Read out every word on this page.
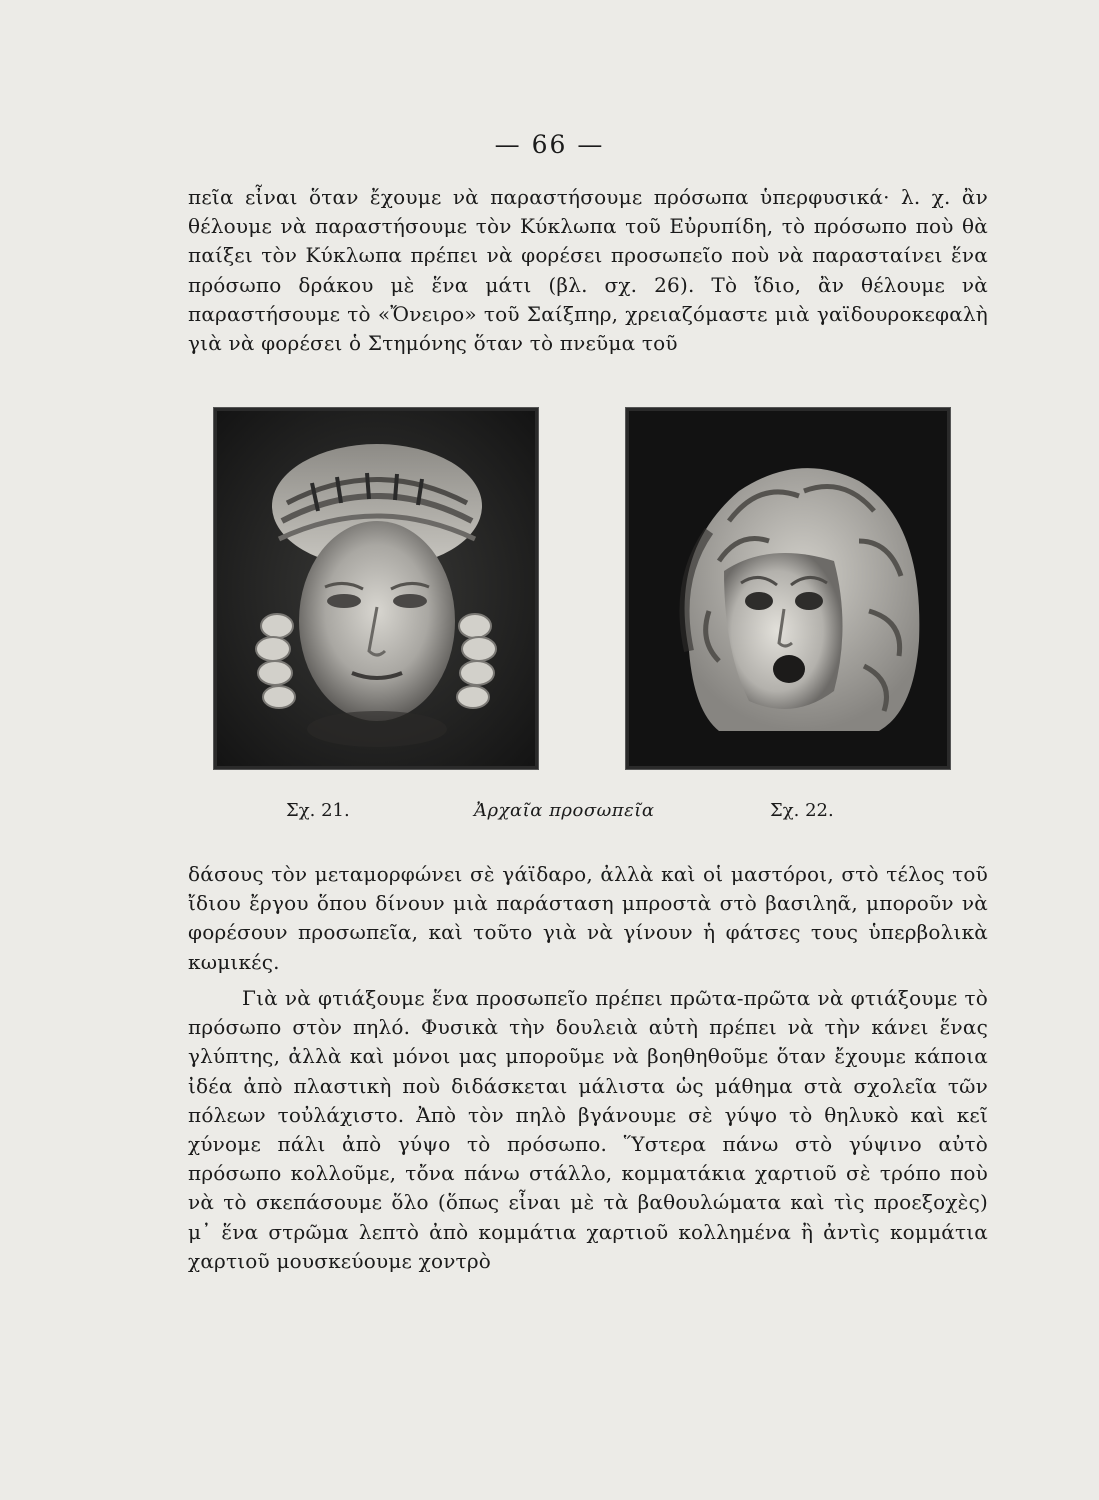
— 66 —

πεῖα εἶναι ὅταν ἔχουμε νὰ παραστήσουμε πρόσωπα ὑπερφυσικά· λ. χ. ἂν θέλουμε νὰ παραστήσουμε τὸν Κύκλωπα τοῦ Εὐρυπίδη, τὸ πρόσωπο ποὺ θὰ παίξει τὸν Κύκλωπα πρέπει νὰ φορέσει προσωπεῖο ποὺ νὰ παρασταίνει ἕνα πρόσωπο δράκου μὲ ἕνα μάτι (βλ. σχ. 26). Τὸ ἴδιο, ἂν θέλουμε νὰ παραστήσουμε τὸ «Ὄνειρο» τοῦ Σαίξπηρ, χρειαζόμαστε μιὰ γαϊδουροκεφαλὴ γιὰ νὰ φορέσει ὁ Στημόνης ὅταν τὸ πνεῦμα τοῦ

Σχ. 21.	Ἀρχαῖα προσωπεῖα	Σχ. 22.

δάσους τὸν μεταμορφώνει σὲ γάϊδαρο, ἀλλὰ καὶ οἱ μαστόροι, στὸ τέλος τοῦ ἴδιου ἔργου ὅπου δίνουν μιὰ παράσταση μπροστὰ στὸ βασιληᾶ, μποροῦν νὰ φορέσουν προσωπεῖα, καὶ τοῦτο γιὰ νὰ γίνουν ἡ φάτσες τους ὑπερβολικὰ κωμικές.

Γιὰ νὰ φτιάξουμε ἕνα προσωπεῖο πρέπει πρῶτα-πρῶτα νὰ φτιάξουμε τὸ πρόσωπο στὸν πηλό. Φυσικὰ τὴν δουλειὰ αὐτὴ πρέπει νὰ τὴν κάνει ἕνας γλύπτης, ἀλλὰ καὶ μόνοι μας μποροῦμε νὰ βοηθηθοῦμε ὅταν ἔχουμε κάποια ἰδέα ἀπὸ πλαστικὴ ποὺ διδάσκεται μάλιστα ὡς μάθημα στὰ σχολεῖα τῶν πόλεων τοὐλάχιστο. Ἀπὸ τὸν πηλὸ βγάνουμε σὲ γύψο τὸ θηλυκὸ καὶ κεῖ χύνομε πάλι ἀπὸ γύψο τὸ πρόσωπο. Ὕστερα πάνω στὸ γύψινο αὐτὸ πρόσωπο κολλοῦμε, τὄνα πάνω στάλλο, κομματάκια χαρτιοῦ σὲ τρόπο ποὺ νὰ τὸ σκεπάσουμε ὅλο (ὅπως εἶναι μὲ τὰ βαθουλώματα καὶ τὶς προεξοχὲς) μ᾽ ἕνα στρῶμα λεπτὸ ἀπὸ κομμάτια χαρτιοῦ κολλημένα ἢ ἀντὶς κομμάτια χαρτιοῦ μουσκεύουμε χοντρὸ
